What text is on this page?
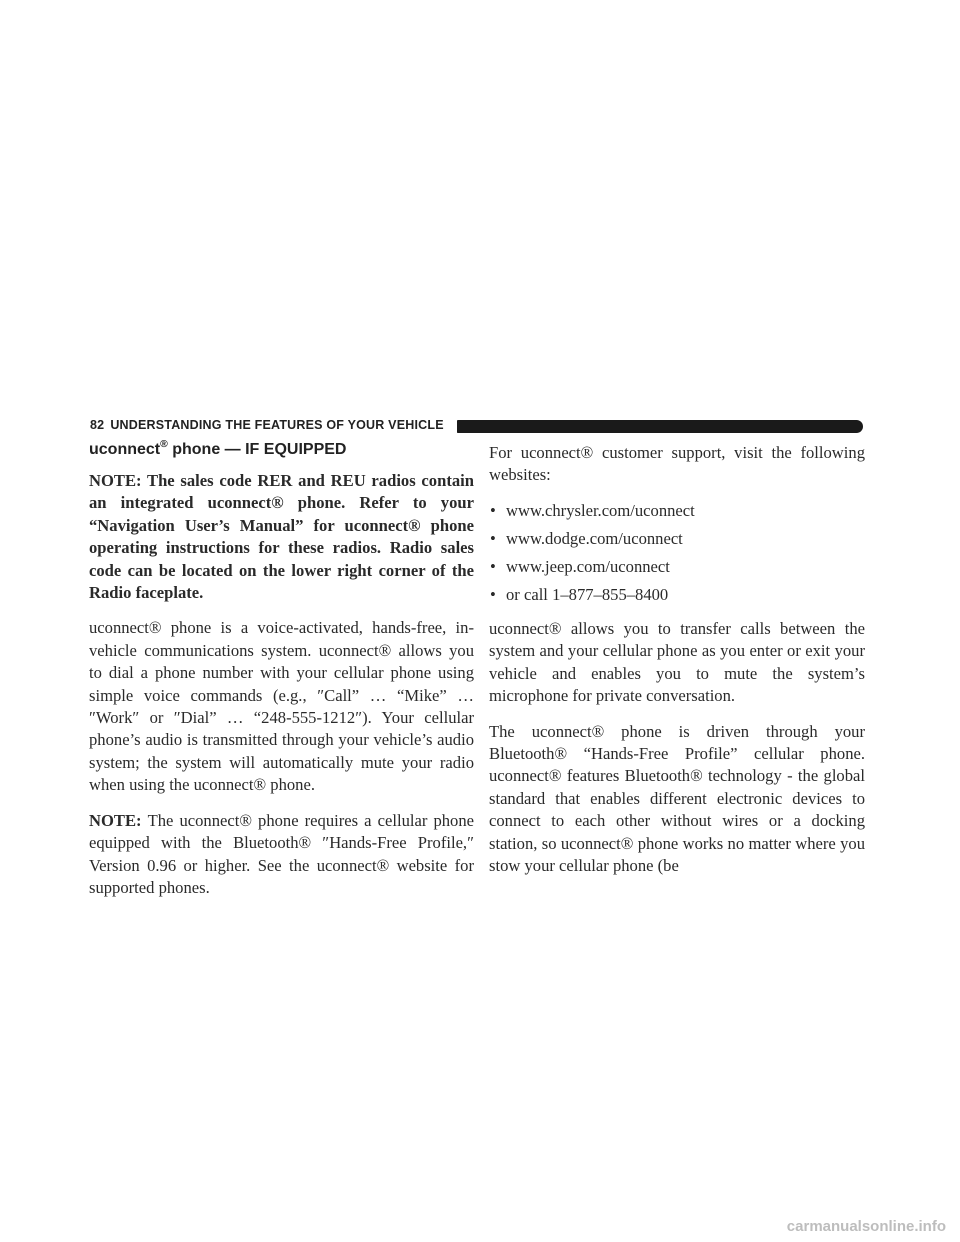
82 UNDERSTANDING THE FEATURES OF YOUR VEHICLE
uconnect® phone — IF EQUIPPED

NOTE: The sales code RER and REU radios contain an integrated uconnect® phone. Refer to your “Navigation User’s Manual” for uconnect® phone operating instructions for these radios. Radio sales code can be located on the lower right corner of the Radio faceplate.

uconnect® phone is a voice-activated, hands-free, in-vehicle communications system. uconnect® allows you to dial a phone number with your cellular phone using simple voice commands (e.g., ″Call” … “Mike” …″Work″ or ″Dial” … “248-555-1212″). Your cellular phone’s audio is transmitted through your vehicle’s audio system; the system will automatically mute your radio when using the uconnect® phone.

NOTE: The uconnect® phone requires a cellular phone equipped with the Bluetooth® ″Hands-Free Profile,″ Version 0.96 or higher. See the uconnect® website for supported phones.

For uconnect® customer support, visit the following websites:

• www.chrysler.com/uconnect
• www.dodge.com/uconnect
• www.jeep.com/uconnect
• or call 1–877–855–8400

uconnect® allows you to transfer calls between the system and your cellular phone as you enter or exit your vehicle and enables you to mute the system’s microphone for private conversation.

The uconnect® phone is driven through your Bluetooth® “Hands-Free Profile” cellular phone. uconnect® features Bluetooth® technology - the global standard that enables different electronic devices to connect to each other without wires or a docking station, so uconnect® phone works no matter where you stow your cellular phone (be

carmanualsonline.info
